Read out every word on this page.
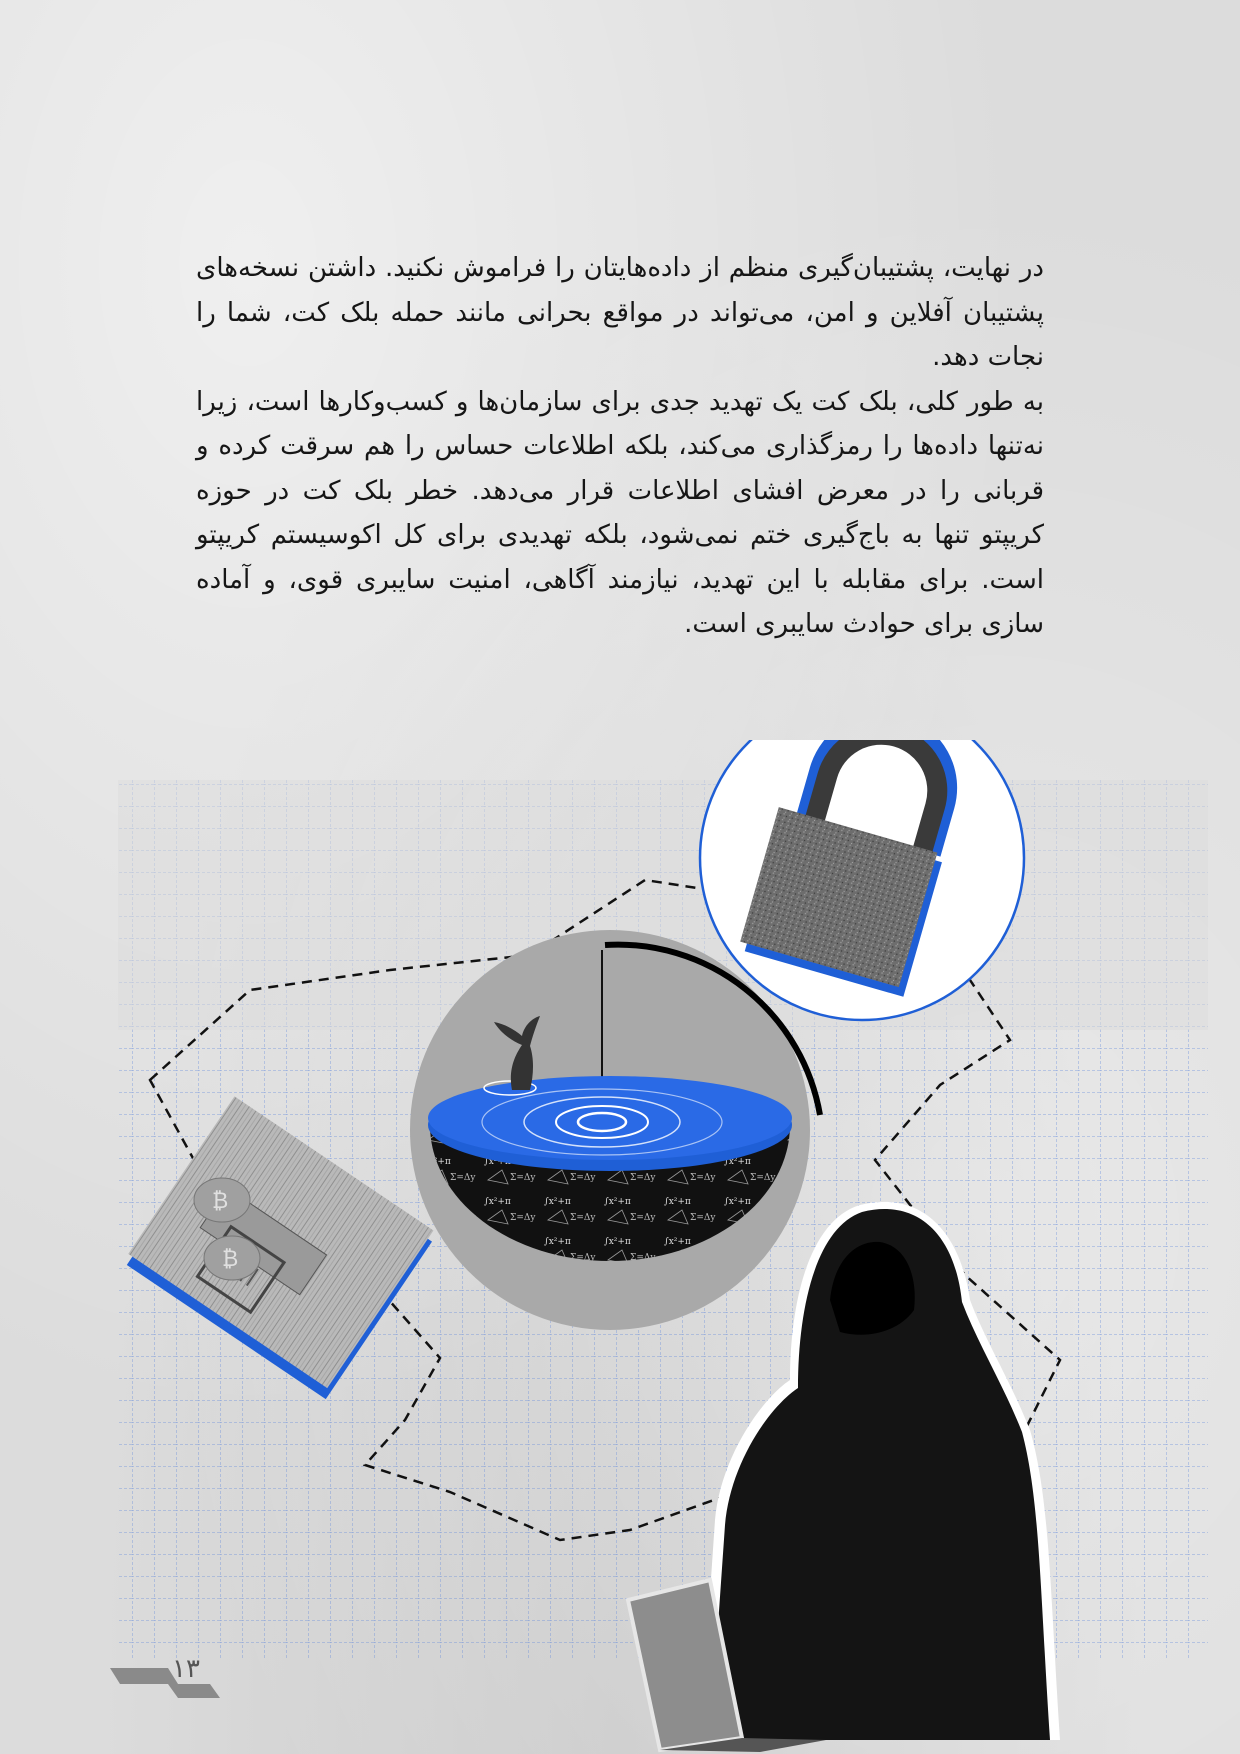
در نهایت، پشتیبان‌گیری منظم از داده‌هایتان را فراموش نکنید. داشتن نسخه‌های پشتیبان آفلاین و امن، می‌تواند در مواقع بحرانی مانند حمله بلک کت، شما را نجات دهد.

به طور کلی، بلک کت یک تهدید جدی برای سازمان‌ها و کسب‌وکارها است، زیرا نه‌تنها داده‌ها را رمزگذاری می‌کند، بلکه اطلاعات حساس را هم سرقت کرده و قربانی را در معرض افشای اطلاعات قرار می‌دهد. خطر بلک کت در حوزه کریپتو تنها به باج‌گیری ختم نمی‌شود، بلکه تهدیدی برای کل اکوسیستم کریپتو است. برای مقابله با این تهدید، نیازمند آگاهی، امنیت سایبری قوی، و آماده سازی برای حوادث سایبری است.

₿
₿
۱۳
